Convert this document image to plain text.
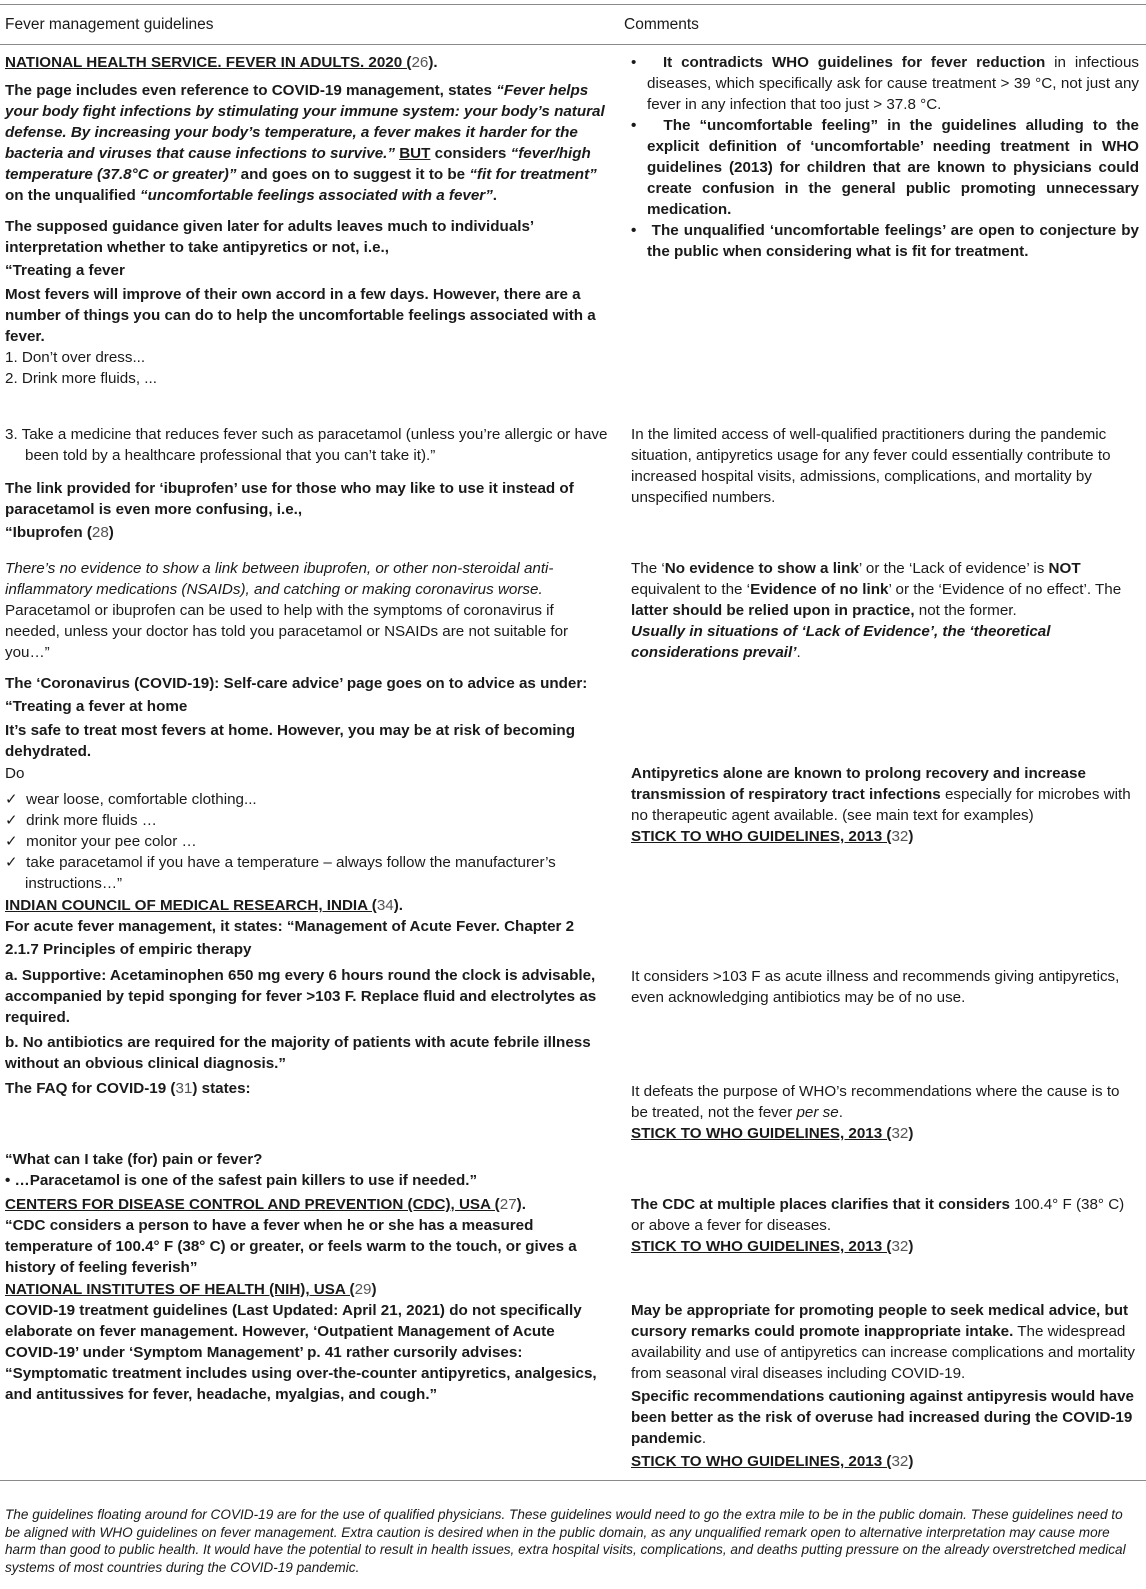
Fever management guidelines	Comments

NATIONAL HEALTH SERVICE. FEVER IN ADULTS. 2020 (26).

The page includes even reference to COVID-19 management, states “Fever helps your body fight infections by stimulating your immune system: your body’s natural defense. By increasing your body’s temperature, a fever makes it harder for the bacteria and viruses that cause infections to survive.” BUT considers “fever/high temperature (37.8°C or greater)” and goes on to suggest it to be “fit for treatment” on the unqualified “uncomfortable feelings associated with a fever”.

The supposed guidance given later for adults leaves much to individuals’ interpretation whether to take antipyretics or not, i.e.,

“Treating a fever

Most fevers will improve of their own accord in a few days. However, there are a number of things you can do to help the uncomfortable feelings associated with a fever.

1. Don’t over dress...

2. Drink more fluids, ...

3. Take a medicine that reduces fever such as paracetamol (unless you’re allergic or have been told by a healthcare professional that you can’t take it).”

The link provided for ‘ibuprofen’ use for those who may like to use it instead of paracetamol is even more confusing, i.e.,

“Ibuprofen (28)

There’s no evidence to show a link between ibuprofen, or other non-steroidal anti-inflammatory medications (NSAIDs), and catching or making coronavirus worse. Paracetamol or ibuprofen can be used to help with the symptoms of coronavirus if needed, unless your doctor has told you paracetamol or NSAIDs are not suitable for you…”

The ‘Coronavirus (COVID-19): Self-care advice’ page goes on to advice as under:

“Treating a fever at home

It’s safe to treat most fevers at home. However, you may be at risk of becoming dehydrated.

Do

✓  wear loose, comfortable clothing...

✓  drink more fluids …

✓  monitor your pee color …

✓  take paracetamol if you have a temperature – always follow the manufacturer’s instructions…”

•   It contradicts WHO guidelines for fever reduction in infectious diseases, which specifically ask for cause treatment > 39 °C, not just any fever in any infection that too just > 37.8 °C.

•   The “uncomfortable feeling” in the guidelines alluding to the explicit definition of ‘uncomfortable’ needing treatment in WHO guidelines (2013) for children that are known to physicians could create confusion in the general public promoting unnecessary medication.

•   The unqualified ‘uncomfortable feelings’ are open to conjecture by the public when considering what is fit for treatment.

In the limited access of well-qualified practitioners during the pandemic situation, antipyretics usage for any fever could essentially contribute to increased hospital visits, admissions, complications, and mortality by unspecified numbers.

The ‘No evidence to show a link’ or the ‘Lack of evidence’ is NOT equivalent to the ‘Evidence of no link’ or the ‘Evidence of no effect’. The latter should be relied upon in practice, not the former.

Usually in situations of ‘Lack of Evidence’, the ‘theoretical considerations prevail’.

Antipyretics alone are known to prolong recovery and increase transmission of respiratory tract infections especially for microbes with no therapeutic agent available. (see main text for examples)

STICK TO WHO GUIDELINES, 2013 (32)

INDIAN COUNCIL OF MEDICAL RESEARCH, INDIA (34).

For acute fever management, it states: “Management of Acute Fever. Chapter 2

2.1.7 Principles of empiric therapy

a. Supportive: Acetaminophen 650 mg every 6 hours round the clock is advisable, accompanied by tepid sponging for fever >103 F. Replace fluid and electrolytes as required.

b. No antibiotics are required for the majority of patients with acute febrile illness without an obvious clinical diagnosis.”

The FAQ for COVID-19 (31) states:

“What can I take (for) pain or fever?

• …Paracetamol is one of the safest pain killers to use if needed.”

It considers >103 F as acute illness and recommends giving antipyretics, even acknowledging antibiotics may be of no use.

It defeats the purpose of WHO’s recommendations where the cause is to be treated, not the fever per se.

STICK TO WHO GUIDELINES, 2013 (32)

CENTERS FOR DISEASE CONTROL AND PREVENTION (CDC), USA (27).

“CDC considers a person to have a fever when he or she has a measured temperature of 100.4° F (38° C) or greater, or feels warm to the touch, or gives a history of feeling feverish”

The CDC at multiple places clarifies that it considers 100.4° F (38° C) or above a fever for diseases.

STICK TO WHO GUIDELINES, 2013 (32)

NATIONAL INSTITUTES OF HEALTH (NIH), USA (29)

COVID-19 treatment guidelines (Last Updated: April 21, 2021) do not specifically elaborate on fever management. However, ‘Outpatient Management of Acute COVID-19’ under ‘Symptom Management’ p. 41 rather cursorily advises:

“Symptomatic treatment includes using over-the-counter antipyretics, analgesics, and antitussives for fever, headache, myalgias, and cough.”

May be appropriate for promoting people to seek medical advice, but cursory remarks could promote inappropriate intake. The widespread availability and use of antipyretics can increase complications and mortality from seasonal viral diseases including COVID-19.

Specific recommendations cautioning against antipyresis would have been better as the risk of overuse had increased during the COVID-19 pandemic.

STICK TO WHO GUIDELINES, 2013 (32)

The guidelines floating around for COVID-19 are for the use of qualified physicians. These guidelines would need to go the extra mile to be in the public domain. These guidelines need to be aligned with WHO guidelines on fever management. Extra caution is desired when in the public domain, as any unqualified remark open to alternative interpretation may cause more harm than good to public health. It would have the potential to result in health issues, extra hospital visits, complications, and deaths putting pressure on the already overstretched medical systems of most countries during the COVID-19 pandemic.
